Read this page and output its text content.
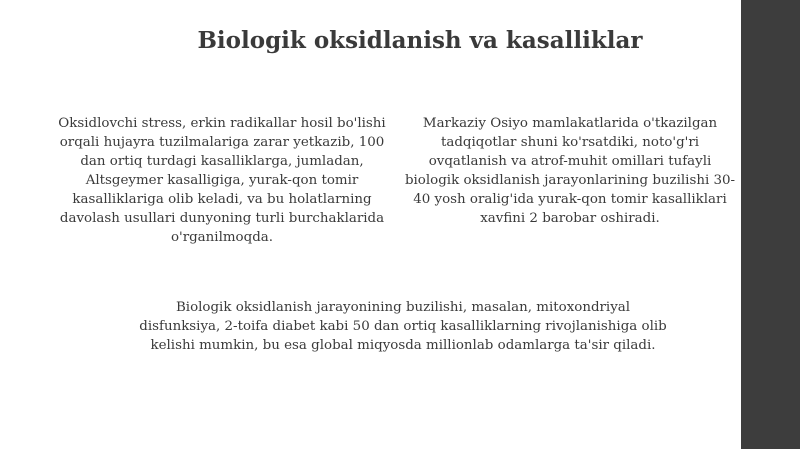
Biologik oksidlanish va kasalliklar

Oksidlovchi stress, erkin radikallar hosil bo'lishi orqali hujayra tuzilmalariga zarar yetkazib, 100 dan ortiq turdagi kasalliklarga, jumladan, Altsgeymer kasalligiga, yurak-qon tomir kasalliklariga olib keladi, va bu holatlarning davolash usullari dunyoning turli burchaklarida o'rganilmoqda.

Markaziy Osiyo mamlakatlarida o'tkazilgan tadqiqotlar shuni ko'rsatdiki, noto'g'ri ovqatlanish va atrof-muhit omillari tufayli biologik oksidlanish jarayonlarining buzilishi 30-40 yosh oralig'ida yurak-qon tomir kasalliklari xavfini 2 barobar oshiradi.

Biologik oksidlanish jarayonining buzilishi, masalan, mitoxondriyal disfunksiya, 2-toifa diabet kabi 50 dan ortiq kasalliklarning rivojlanishiga olib kelishi mumkin, bu esa global miqyosda millionlab odamlarga ta'sir qiladi.
